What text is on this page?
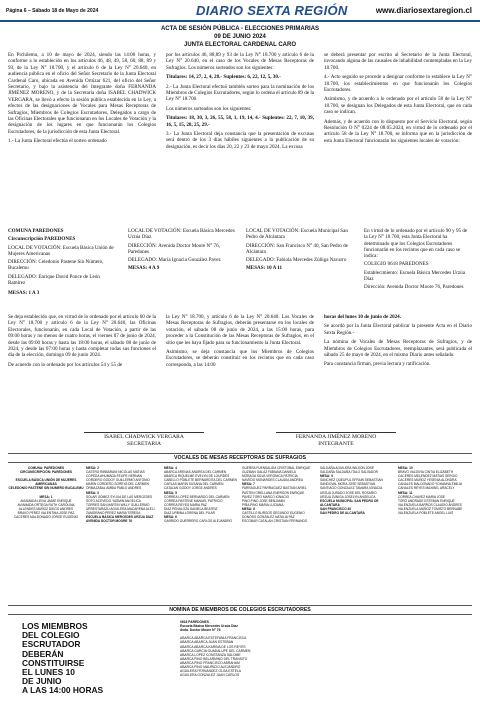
Página 6 – Sábado 18 de Mayo de 2024	DIARIO SEXTA REGIÓN	www.diariosextaregion.cl
ACTA DE SESIÓN PÚBLICA - ELECCIONES PRIMARIAS
09 DE JUNIO 2024
JUNTA ELECTORAL CARDENAL CARO

En Pichilemu, a 10 de mayo de 2024, siendo las 14:00 horas, y conforme a lo establecido en los artículos 46, 48, 49, 58, 60, 88, 89 y 93, de la Ley N° 18.700, y el artículo 6 de la Ley N° 20.640, en audiencia pública en el oficio del Señor Secretario de la Junta Electoral Cardenal Caro, ubicada en Avenida Ortúzar 621, del oficio del Señor Secretario, y bajo la asistencia del Integrante doña FERNANDA JIMÉNEZ MORENO, y de la Secretaria doña ISABEL CHADWICK VERGARA, se llevó a efecto la sesión pública establecida en la Ley, a efectos de las designaciones de Vocales para Mesas Receptoras de Sufragios, Miembros de Colegios Escrutadores, Delegados a cargo de las Oficinas Electorales que funcionaran en los Locales de Votación y la designación de los lugares en que funcionarán los Colegios Escrutadores, de la jurisdicción de esta Junta Electoral.

1.- La Junta Electoral efectúa el sorteo ordenado

por los artículos 46, 88,89 y 93 de la Ley N° 18.700 y artículo 6 de la Ley N° 20.640, en el caso de los Vocales de Mesas Receptoras de Sufragios. Los números sorteados son los siguientes:

Titulares: 14, 27, 2, 4, 28.- Suplentes: 6, 22, 12, 5, 30.-

2.- La Junta Electoral efectuó también sorteo para la nominación de los Miembros de Colegios Escrutadores, según lo ordena el artículo 89 de la Ley N° 18.700.

Los números sorteados son los siguientes:

Titulares: 18, 30, 3, 26, 55, 58, 1, 19, 14, 4.- Suplentes: 22, 7, 10, 39, 16, 5, 15, 28, 25, 29.-

3.- La Junta Electoral deja constancia que la presentación de excusas será dentro de los 3 días hábiles siguientes a la publicación de su designación, es decir los días 20, 22 y 23 de mayo 2024. La excusa

se deberá presentar por escrito al Secretario de la Junta Electoral, invocando alguna de las causales de inhabilidad contempladas en la Ley 18.700.

4.- Acto seguido se procede a designar conforme lo establece la Ley N° 18.700, los establecimientos en que funcionarán los Colegios Escrutadores.

Asimismo, y de acuerdo a lo ordenado por el artículo 58 de la Ley N° 18.700, se designan los Delegados de esta Junta Electoral, que en cada caso se indican.

Además, y de acuerdo con lo dispuesto por el Servicio Electoral, según Resolución O N° 0224 de 08.05.2024, en virtud de lo ordenado por el artículo 58 de la Ley N° 18.700, se informa que en la jurisdicción de esta Junta Electoral funcionarán los siguientes locales de votación:

COMUNA PAREDONES

Circunscripción PAREDONES

LOCAL DE VOTACIÓN: Escuela Básica Unión de Mujeres Americanas

DIRECCIÓN: Celedonio Pastene Sin Número, Bucalemu

DELEGADO: Enrique David Ponce de León Ramírez

MESAS: 1 A 3

LOCAL DE VOTACIÓN: Escuela Básica Mercedes Urzúa Díaz

DIRECCIÓN: Avenida Doctor Moore N° 76, Paredones

DELEGADO: María Ignacia González Pavez

MESAS: 4 A 9

LOCAL DE VOTACIÓN: Escuela Municipal San Pedro de Alcántara

DIRECCIÓN: San Francisco N° 40, San Pedro de Alcántara

DELEGADO: Fabiola Mercedes Zúñiga Navarro

MESAS: 10 A 11

En virtud de lo ordenado por el artículo 90 y 95 de la Ley N° 18.700, esta Junta Electoral ha determinado que los Colegios Escrutadores funcionarán en los recintos que en cada caso se indica:

COLEGIO 0618 PAREDONES

Establecimiento: Escuela Básica Mercedes Urzúa Díaz

Dirección: Avenida Doctor Moore 76, Paredones

Se deja establecido que, en virtud de lo ordenado por el artículo 60 de la Ley N° 18.700 y artículo 6 de la Ley N° 20.640, las Oficinas Electorales, funcionarán, en cada Local de Votación, a partir de las 09:00 horas y no menos de cuatro horas, el viernes 07 de junio de 2024, desde las 09:00 horas y hasta las 18:00 horas, el sábado 08 de junio de 2024, y desde las 07:00 horas y hasta completar todas sus funciones el día de la elección, domingo 09 de junio 2024.

De acuerdo con lo ordenado por los artículos 54 y 55 de

la Ley N° 18.700, y artículo 6 de la Ley N° 20.640. Los Vocales de Mesas Receptoras de Sufragios, deberán presentarse en los locales de votación, el sábado 08 de junio de 2024, a las 15:00 horas, para proceder a la Constitución de las Mesas Receptoras de Sufragios, en el sitio que les haya fijado para su funcionamiento la Junta Electoral.

Asimismo, se deja constancia que los Miembros de Colegios Escrutadores, se deberán constituir en los recintos que en cada caso corresponda, a las 14:00

horas del lunes 10 de junio de 2024.

Se acordó por la Junta Electoral publicar la presente Acta en el Diario Sexta Región.-

La nómina de Vocales de Mesas Receptoras de Sufragios, y de Miembros de Colegios Escrutadores, reemplazantes, será publicada el sábado 25 de mayo de 2024, en el mismo Diario antes señalado.

Para constancia firman, previa lectura y ratificación.

ISABEL CHADWICK VERGARA
SECRETARIA
FERNANDA JIMÉNEZ MORENO
INTEGRANTE
VOCALES DE MESAS RECEPTORAS DE SUFRAGIOS
COMUNA: PAREDONES
CIRCUNSCRIPCIÓN: PAREDONES

ESCUELA BÁSICA UNIÓN DE MUJERES AMERICANAS
CELEDONIO PASTENE SIN NUMERO BUCALEMU

MESA: 1
AVIAMADA LEIVA JAIME ENRIQUE
AVIAMADA ORTEGA RUTH CAROLINA
ALLENDES MUÑOZ DIEGO ANDRES
BRAVO PEREZ VALENTINA JOSE PAZ
CACERES MALDONADO JORGE EUGENIO
MESA: 2
CASTRO RIBBARANI NICOLAS MATIAS
COPEDA AHUMADA FELIPE HERNAN
CORDERO GODOY GUILLERMO ANTONIO
MARIN CORDERO SOREYA DEL CARMEN
ORMAZABAL AMBIA PABLO ANDRES
MESA: 3
SOLAR GOMEZ SYLVIA DE LAS MERCEDES
SOTO ACEVEDO YASMIN ANGELICA
TORRES SAN MARTIN WILLY GUILLERMO
URRESTARAZU AGUILERA MACARENA ALELI
ZAMORANO PEREZ MARIA TERESA
ESCUELA BÁSICA MERCEDES URZÚA DIAZ
AVENIDA DOCTOR MOORE 76
MESA: 4
ABARCA ARENAS ANDREA DEL CARMEN
ABARCA RIQUELME EVELYN DE LOURDES
CABELLO POBLETE BERNARDITA DEL CARMEN
CARLAS MARIN SUSANA DEL CARMEN
CATALAN GODOY JORGE ANDRES
MESA: 5
CORREA LOPEZ BERNARDO DEL CARMEN
CORREA PASTENE MANUEL PATRICIO
CORREA REYES MARIA PAZ
DIAZ PENALOZA DANIELA BEATRIZ
DIAZ URBINA LORENA DEL PILAR
MESA: 6
GARRIDO GUERRERO CARLOS ALEJANDRO
GUERRA FUENSALIDA CRISTOBAL ENRIQUE
GUZMAN GALAZ FABIANA DANIELA
MORAGA SILVA VERONICA PATRICIA
NAVEDO MONARDES CLAUDIA ANDREA
MESA: 7
PARRAGUEZ PARRAGUEZ BASTIAN ARIEL
PASTEN ORELLANA ENERSON ENRIQUE
PAVEZ TORO MARCO IGNACIO
PINO PINO JOSE BENJAMIN
PIÑA PINO MARIA LUCIANA
MESA: 8
CASTILLO BURGOS SEGUNDO EUGENIO
DONOSO GONZALEZ NATALIA PAZ
ESCOBAR CATALAN CRISTIAN FERNANDO
SALDAÑA AGUILERA WILSON JOSE
SALDAÑA SALDAÑA ITALO SALVADOR
MESA: 9
SANCHEZ QUEUPUL EFRAIN SEBASTIAN
SANDOVAL MORA JOSE SEBASTIAN
SANTIAGO GONZALEZ TAMARA IGNACIA
URZUA JURADO JOSE DEL ROSARIO
URZUA ZUNIGA JOSELYN ANGELICA
ESCUELA MUNICIPAL SAN PEDRO DE ALCANTARA
SAN FRANCISCO 40
SAN PEDRO DE ALCANTARA
MESA: 10
BRAVO VALDIVIA CINTIA ELIZABETH
CACERES MELENDEZ MATIAS SERGIO
CACERES MUÑOZ YESENIA ALONDRA
CANALES MALDONADO YOHANNA EMILIA
CANALES REYES MAXIBEL ARACELY
MESA: 11
CORREA CHAVEZ MARIA JOSE
TORO ANDRADE ESTEBAN ENRIQUE
VALENZUELA BARROS CLAUDIO ANDRES
VALENZUELA MUÑOZ TOMISTO BERNABE
VALENZUELA POBLETE ANGEL LUIS
NOMINA DE MIEMBROS DE COLEGIOS ESCRUTADORES
LOS MIEMBROS
DEL COLEGIO
ESCRUTADOR
DEBERÁN
CONSTITUIRSE
EL LUNES 10
DE JUNIO
A LAS 14:00 HORAS
0618 PAREDONES
Escuela Básica Mercedes Urzúa Díaz
Avda. Doctor Moore N° 76

ABARCA ABARCA ESTEFANIA FRANCISCA
ABARCA ABARCA JUAN ESTEBAN
ABARCA ABARCA KARINA DE LOS REYES
ABARCA GARCIA GUADALUPE DEL CARMEN
ABARCA LOPEZ CONSTANZA SALOME
ABARCA PINO BELARMINO DEL TRANSITO
ABARCA PINO FRANCISCO ABRAHAM
ABARCA PINO MAURICIO ALEJANDRO
AGUILERA FERNANDEZ OLGA ESTELA
AGUILERA GONZALEZ JUAN CARLOS
